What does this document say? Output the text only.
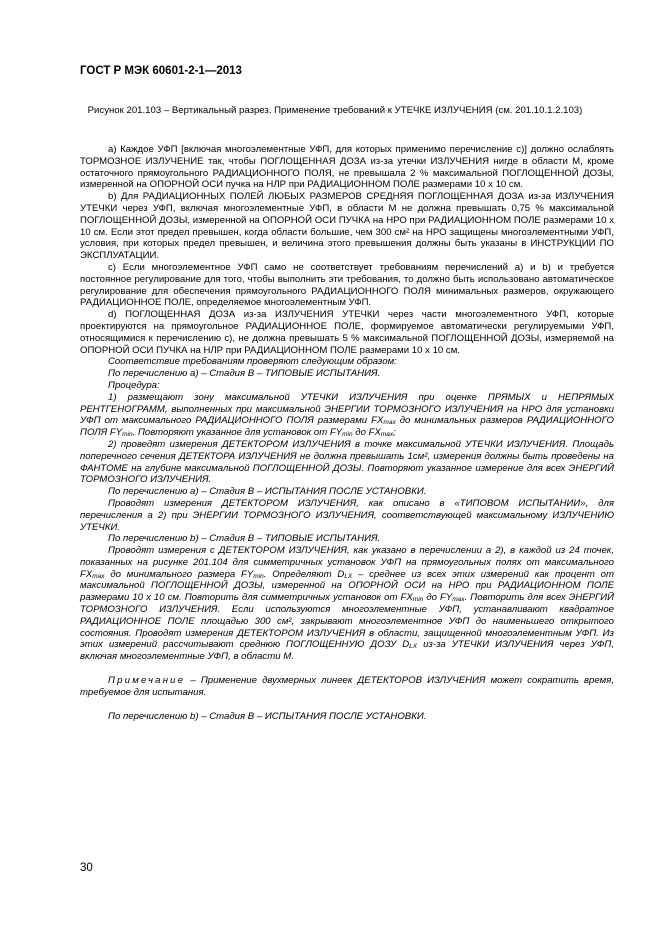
ГОСТ Р МЭК 60601-2-1—2013
Рисунок 201.103 – Вертикальный разрез. Применение требований к УТЕЧКЕ ИЗЛУЧЕНИЯ (см. 201.10.1.2.103)

а) Каждое УФП [включая многоэлементные УФП, для которых применимо перечисление с)] должно ослаблять ТОРМОЗНОЕ ИЗЛУЧЕНИЕ так, чтобы ПОГЛОЩЕННАЯ ДОЗА из-за утечки ИЗЛУЧЕНИЯ нигде в области M, кроме остаточного прямоугольного РАДИАЦИОННОГО ПОЛЯ, не превышала 2 % максимальной ПОГЛОЩЕННОЙ ДОЗЫ, измеренной на ОПОРНОЙ ОСИ пучка на НЛР при РАДИАЦИОННОМ ПОЛЕ размерами 10 х 10 см.

b) Для РАДИАЦИОННЫХ ПОЛЕЙ ЛЮБЫХ РАЗМЕРОВ СРЕДНЯЯ ПОГЛОЩЕННАЯ ДОЗА из-за ИЗЛУЧЕНИЯ УТЕЧКИ через УФП, включая многоэлементные УФП, в области M не должна превышать 0,75 % максимальной ПОГЛОЩЕННОЙ ДОЗЫ, измеренной на ОПОРНОЙ ОСИ ПУЧКА на НРО при РАДИАЦИОННОМ ПОЛЕ размерами 10 х 10 см. Если этот предел превышен, когда области большие, чем 300 см² на НРО защищены многоэлементными УФП, условия, при которых предел превышен, и величина этого превышения должны быть указаны в ИНСТРУКЦИИ ПО ЭКСПЛУАТАЦИИ.

с) Если многоэлементное УФП само не соответствует требованиям перечислений а) и b) и требуется постоянное регулирование для того, чтобы выполнить эти требования, то должно быть использовано автоматическое регулирование для обеспечения прямоугольного РАДИАЦИОННОГО ПОЛЯ минимальных размеров, окружающего РАДИАЦИОННОЕ ПОЛЕ, определяемое многоэлементным УФП.

d) ПОГЛОЩЕННАЯ ДОЗА из-за ИЗЛУЧЕНИЯ УТЕЧКИ через части многоэлементного УФП, которые проектируются на прямоугольное РАДИАЦИОННОЕ ПОЛЕ, формируемое автоматически регулируемыми УФП, относящимися к перечислению с), не должна превышать 5 % максимальной ПОГЛОЩЕННОЙ ДОЗЫ, измеряемой на ОПОРНОЙ ОСИ ПУЧКА на НЛР при РАДИАЦИОННОМ ПОЛЕ размерами 10 х 10 см.

Соответствие требованиям проверяют следующим образом:

По перечислению а) – Стадия В – ТИПОВЫЕ ИСПЫТАНИЯ.

Процедура:

1) размещают зону максимальной УТЕЧКИ ИЗЛУЧЕНИЯ при оценке ПРЯМЫХ и НЕПРЯМЫХ РЕНТГЕНОГРАММ, выполненных при максимальной ЭНЕРГИИ ТОРМОЗНОГО ИЗЛУЧЕНИЯ на НРО для установки УФП от максимального РАДИАЦИОННОГО ПОЛЯ размерами $FX_{max}$ до минимальных размеров РАДИАЦИОННОГО ПОЛЯ $FY_{min}$. Повторяют указанное для установок от $FY_{min}$ до $FX_{max}$;

2) проведят измерения ДЕТЕКТОРОМ ИЗЛУЧЕНИЯ в точке максимальной УТЕЧКИ ИЗЛУЧЕНИЯ. Площадь поперечного сечения ДЕТЕКТОРА ИЗЛУЧЕНИЯ не должна превышать 1см², измерения должны быть проведены на ФАНТОМЕ на глубине максимальной ПОГЛОЩЕННОЙ ДОЗЫ. Повторяют указанное измерение для всех ЭНЕРГИЙ ТОРМОЗНОГО ИЗЛУЧЕНИЯ.

По перечислению а) – Стадия В – ИСПЫТАНИЯ ПОСЛЕ УСТАНОВКИ.

Проводят измерения ДЕТЕКТОРОМ ИЗЛУЧЕНИЯ, как описано в «ТИПОВОМ ИСПЫТАНИИ», для перечисления а 2) при ЭНЕРГИИ ТОРМОЗНОГО ИЗЛУЧЕНИЯ, соответствующей максимальному ИЗЛУЧЕНИЮ УТЕЧКИ.

По перечислению b) – Стадия В – ТИПОВЫЕ ИСПЫТАНИЯ.

Проводят измерения с ДЕТЕКТОРОМ ИЗЛУЧЕНИЯ, как указано в перечислении а 2), в каждой из 24 точек, показанных на рисунке 201.104 для симметричных установок УФП на прямоугольных полях от максимального $FX_{max}$ до минимального размера $FY_{min}$. Определяют $D_{LX}$ – среднее из всех этих измерений как процент от максимальной ПОГЛОЩЕННОЙ ДОЗЫ, измеренной на ОПОРНОЙ ОСИ на НРО при РАДИАЦИОННОМ ПОЛЕ размерами 10 х 10 см. Повторить для симметричных установок от $FX_{min}$ до $FY_{max}$. Повторить для всех ЭНЕРГИЙ ТОРМОЗНОГО ИЗЛУЧЕНИЯ. Если используются многоэлементные УФП, устанавливают квадратное РАДИАЦИОННОЕ ПОЛЕ площадью 300 см², закрывают многоэлементное УФП до наименьшего открытого состояния. Проводят измерения ДЕТЕКТОРОМ ИЗЛУЧЕНИЯ в области, защищенной многоэлементным УФП. Из этих измерений рассчитывают среднюю ПОГЛОЩЕННУЮ ДОЗУ $D_{LX}$ из-за УТЕЧКИ ИЗЛУЧЕНИЯ через УФП, включая многоэлементные УФП, в области M.

Примечание – Применение двухмерных линеек ДЕТЕКТОРОВ ИЗЛУЧЕНИЯ может сократить время, требуемое для испытания.

По перечислению b) – Стадия В – ИСПЫТАНИЯ ПОСЛЕ УСТАНОВКИ.

30
